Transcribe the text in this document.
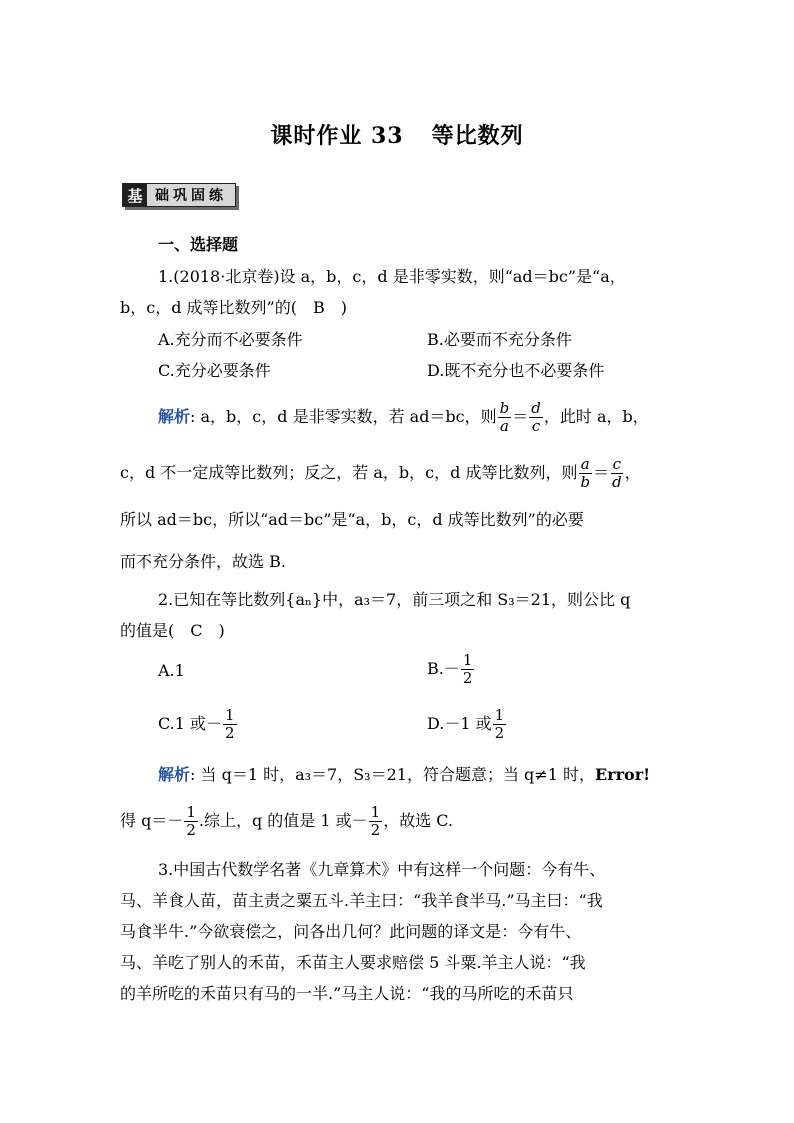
课时作业 33 等比数列
基 础巩固练
一、选择题
1.(2018·北京卷)设 a，b，c，d 是非零实数，则“ad＝bc”是“a，
b，c，d 成等比数列”的(　B　)
A.充分而不必要条件	B.必要而不充分条件
C.充分必要条件	D.既不充分也不必要条件
解析: a，b，c，d 是非零实数，若 ad＝bc，则 $\frac{b}{a} = \frac{d}{c}$ ，此时 a，b，
c，d 不一定成等比数列；反之，若 a，b，c，d 成等比数列，则 $\frac{a}{b} = \frac{c}{d}$ ，
所以 ad＝bc，所以“ad＝bc”是“a，b，c，d 成等比数列”的必要
而不充分条件，故选 B.
2.已知在等比数列{aₙ}中，a₃＝7，前三项之和 S₃＝21，则公比 q
的值是(　C　)
A.1	$B.- \frac{1}{2}$
C.1 或－ $\frac{1}{2}$	D.－1 或 $\frac{1}{2}$
解析: 当 q＝1 时，a₃＝7，S₃＝21，符合题意；当 q≠1 时，Error!
得 $q=- \frac{1}{2}$ .综上，q 的值是 1 或－ $\frac{1}{2}$ ，故选 C.
3.中国古代数学名著《九章算术》中有这样一个问题：今有牛、
马、羊食人苗，苗主责之粟五斗.羊主曰：“我羊食半马.”马主曰：“我
马食半牛.”今欲衰偿之，问各出几何？此问题的译文是：今有牛、
马、羊吃了别人的禾苗，禾苗主人要求赔偿 5 斗粟.羊主人说：“我
的羊所吃的禾苗只有马的一半.”马主人说：“我的马所吃的禾苗只
